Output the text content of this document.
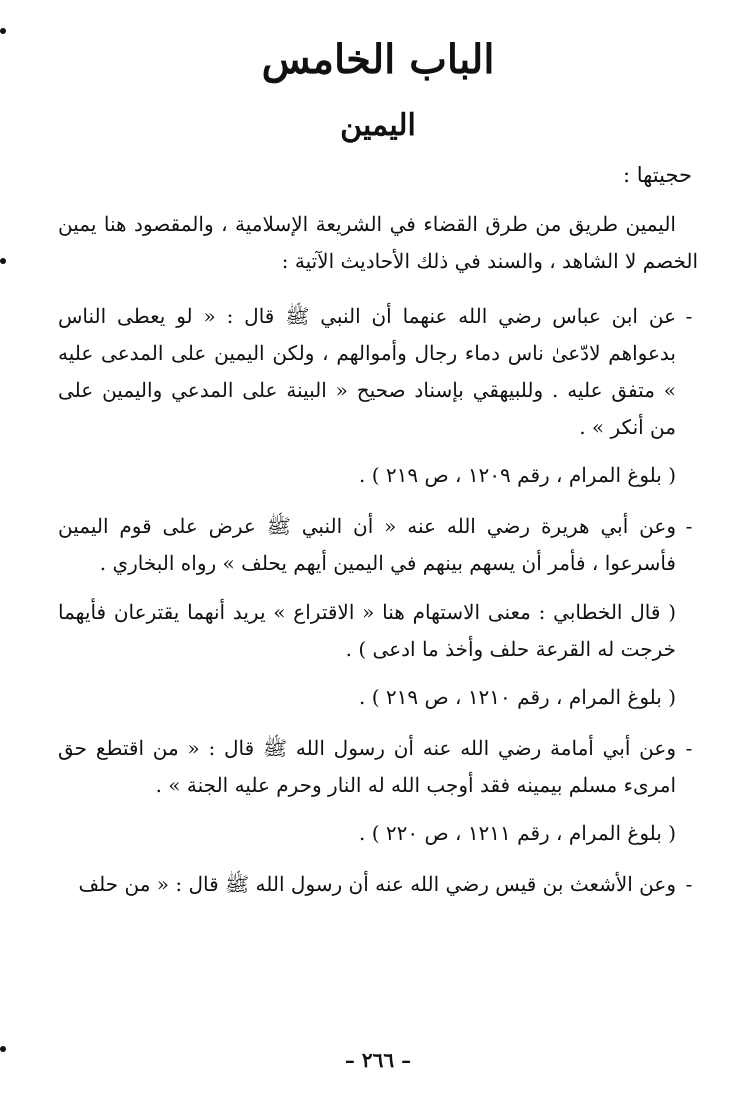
الباب الخامس
اليمين
حجيتها :

اليمين طريق من طرق القضاء في الشريعة الإسلامية ، والمقصود هنا يمين الخصم لا الشاهد ، والسند في ذلك الأحاديث الآتية :

-
عن ابن عباس رضي الله عنهما أن النبي ﷺ قال : « لو يعطى الناس بدعواهم لادّعىٰ ناس دماء رجال وأموالهم ، ولكن اليمين على المدعى عليه » متفق عليه . وللبيهقي بإسناد صحيح « البينة على المدعي واليمين على من أنكر » .
( بلوغ المرام ، رقم ١٢٠٩ ، ص ٢١٩ ) .
-
وعن أبي هريرة رضي الله عنه « أن النبي ﷺ عرض على قوم اليمين فأسرعوا ، فأمر أن يسهم بينهم في اليمين أيهم يحلف » رواه البخاري .
( قال الخطابي : معنى الاستهام هنا « الاقتراع » يريد أنهما يقترعان فأيهما خرجت له القرعة حلف وأخذ ما ادعى ) .
( بلوغ المرام ، رقم ١٢١٠ ، ص ٢١٩ ) .
-
وعن أبي أمامة رضي الله عنه أن رسول الله ﷺ قال : « من اقتطع حق امرىء مسلم بيمينه فقد أوجب الله له النار وحرم عليه الجنة » .
( بلوغ المرام ، رقم ١٢١١ ، ص ٢٢٠ ) .
-
وعن الأشعث بن قيس رضي الله عنه أن رسول الله ﷺ قال : « من حلف
– ٢٦٦ –
